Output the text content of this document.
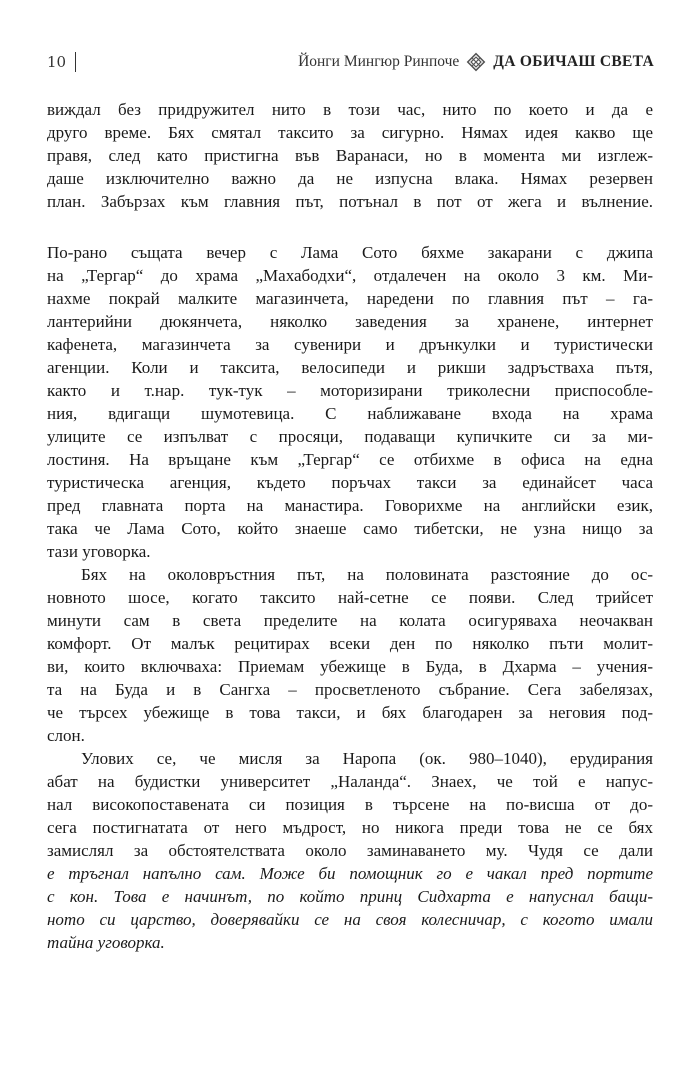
10	Йонги Мингюр Ринпоче ДА ОБИЧАШ СВЕТА

виждал без придружител нито в този час, нито по което и да е
друго време. Бях смятал таксито за сигурно. Нямах идея какво ще
правя, след като пристигна във Варанаси, но в момента ми изглеж-
даше изключително важно да не изпусна влака. Нямах резервен
план. Забързах към главния път, потънал в пот от жега и вълнение.

По-рано същата вечер с Лама Сото бяхме закарани с джипа
на „Тергар“ до храма „Махабодхи“, отдалечен на около 3 км. Ми-
нахме покрай малките магазинчета, наредени по главния път – га-
лантерийни дюкянчета, няколко заведения за хранене, интернет
кафенета, магазинчета за сувенири и дрънкулки и туристически
агенции. Коли и таксита, велосипеди и рикши задръстваха пътя,
както и т.нар. тук-тук – моторизирани триколесни приспособле-
ния, вдигащи шумотевица. С наближаване входа на храма
улиците се изпълват с просяци, подаващи купичките си за ми-
лостиня. На връщане към „Тергар“ се отбихме в офиса на една
туристическа агенция, където поръчах такси за единайсет часа
пред главната порта на манастира. Говорихме на английски език,
така че Лама Сото, който знаеше само тибетски, не узна нищо за
тази уговорка.

Бях на околовръстния път, на половината разстояние до ос-
новното шосе, когато таксито най-сетне се появи. След трийсет
минути сам в света пределите на колата осигуряваха неочакван
комфорт. От малък рецитирах всеки ден по няколко пъти молит-
ви, които включваха: Приемам убежище в Буда, в Дхарма – учения-
та на Буда и в Сангха – просветленото събрание. Сега забелязах,
че търсех убежище в това такси, и бях благодарен за неговия под-
слон.

Улових се, че мисля за Наропа (ок. 980–1040), ерудирания
абат на будистки университет „Наланда“. Знаех, че той е напус-
нал високопоставената си позиция в търсене на по-висша от до-
сега постигнатата от него мъдрост, но никога преди това не се бях
замислял за обстоятелствата около заминаването му. Чудя се дали
е тръгнал напълно сам. Може би помощник го е чакал пред портите
с кон. Това е начинът, по който принц Сидхарта е напуснал бащи-
ното си царство, доверявайки се на своя колесничар, с когото имали
тайна уговорка.
